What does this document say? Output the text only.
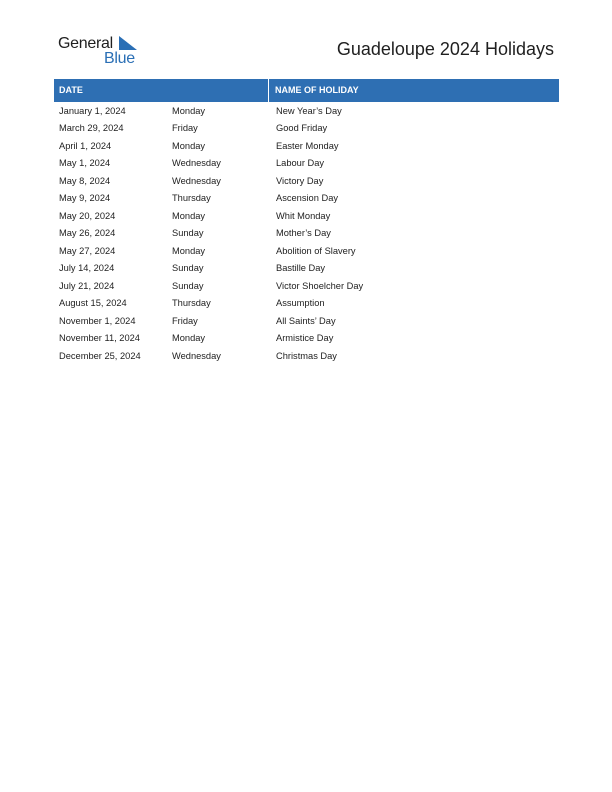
General
Blue	Guadeloupe 2024 Holidays
DATE	NAME OF HOLIDAY
January 1, 2024	Monday	New Year’s Day
March 29, 2024	Friday	Good Friday
April 1, 2024	Monday	Easter Monday
May 1, 2024	Wednesday	Labour Day
May 8, 2024	Wednesday	Victory Day
May 9, 2024	Thursday	Ascension Day
May 20, 2024	Monday	Whit Monday
May 26, 2024	Sunday	Mother’s Day
May 27, 2024	Monday	Abolition of Slavery
July 14, 2024	Sunday	Bastille Day
July 21, 2024	Sunday	Victor Shoelcher Day
August 15, 2024	Thursday	Assumption
November 1, 2024	Friday	All Saints’ Day
November 11, 2024	Monday	Armistice Day
December 25, 2024	Wednesday	Christmas Day
